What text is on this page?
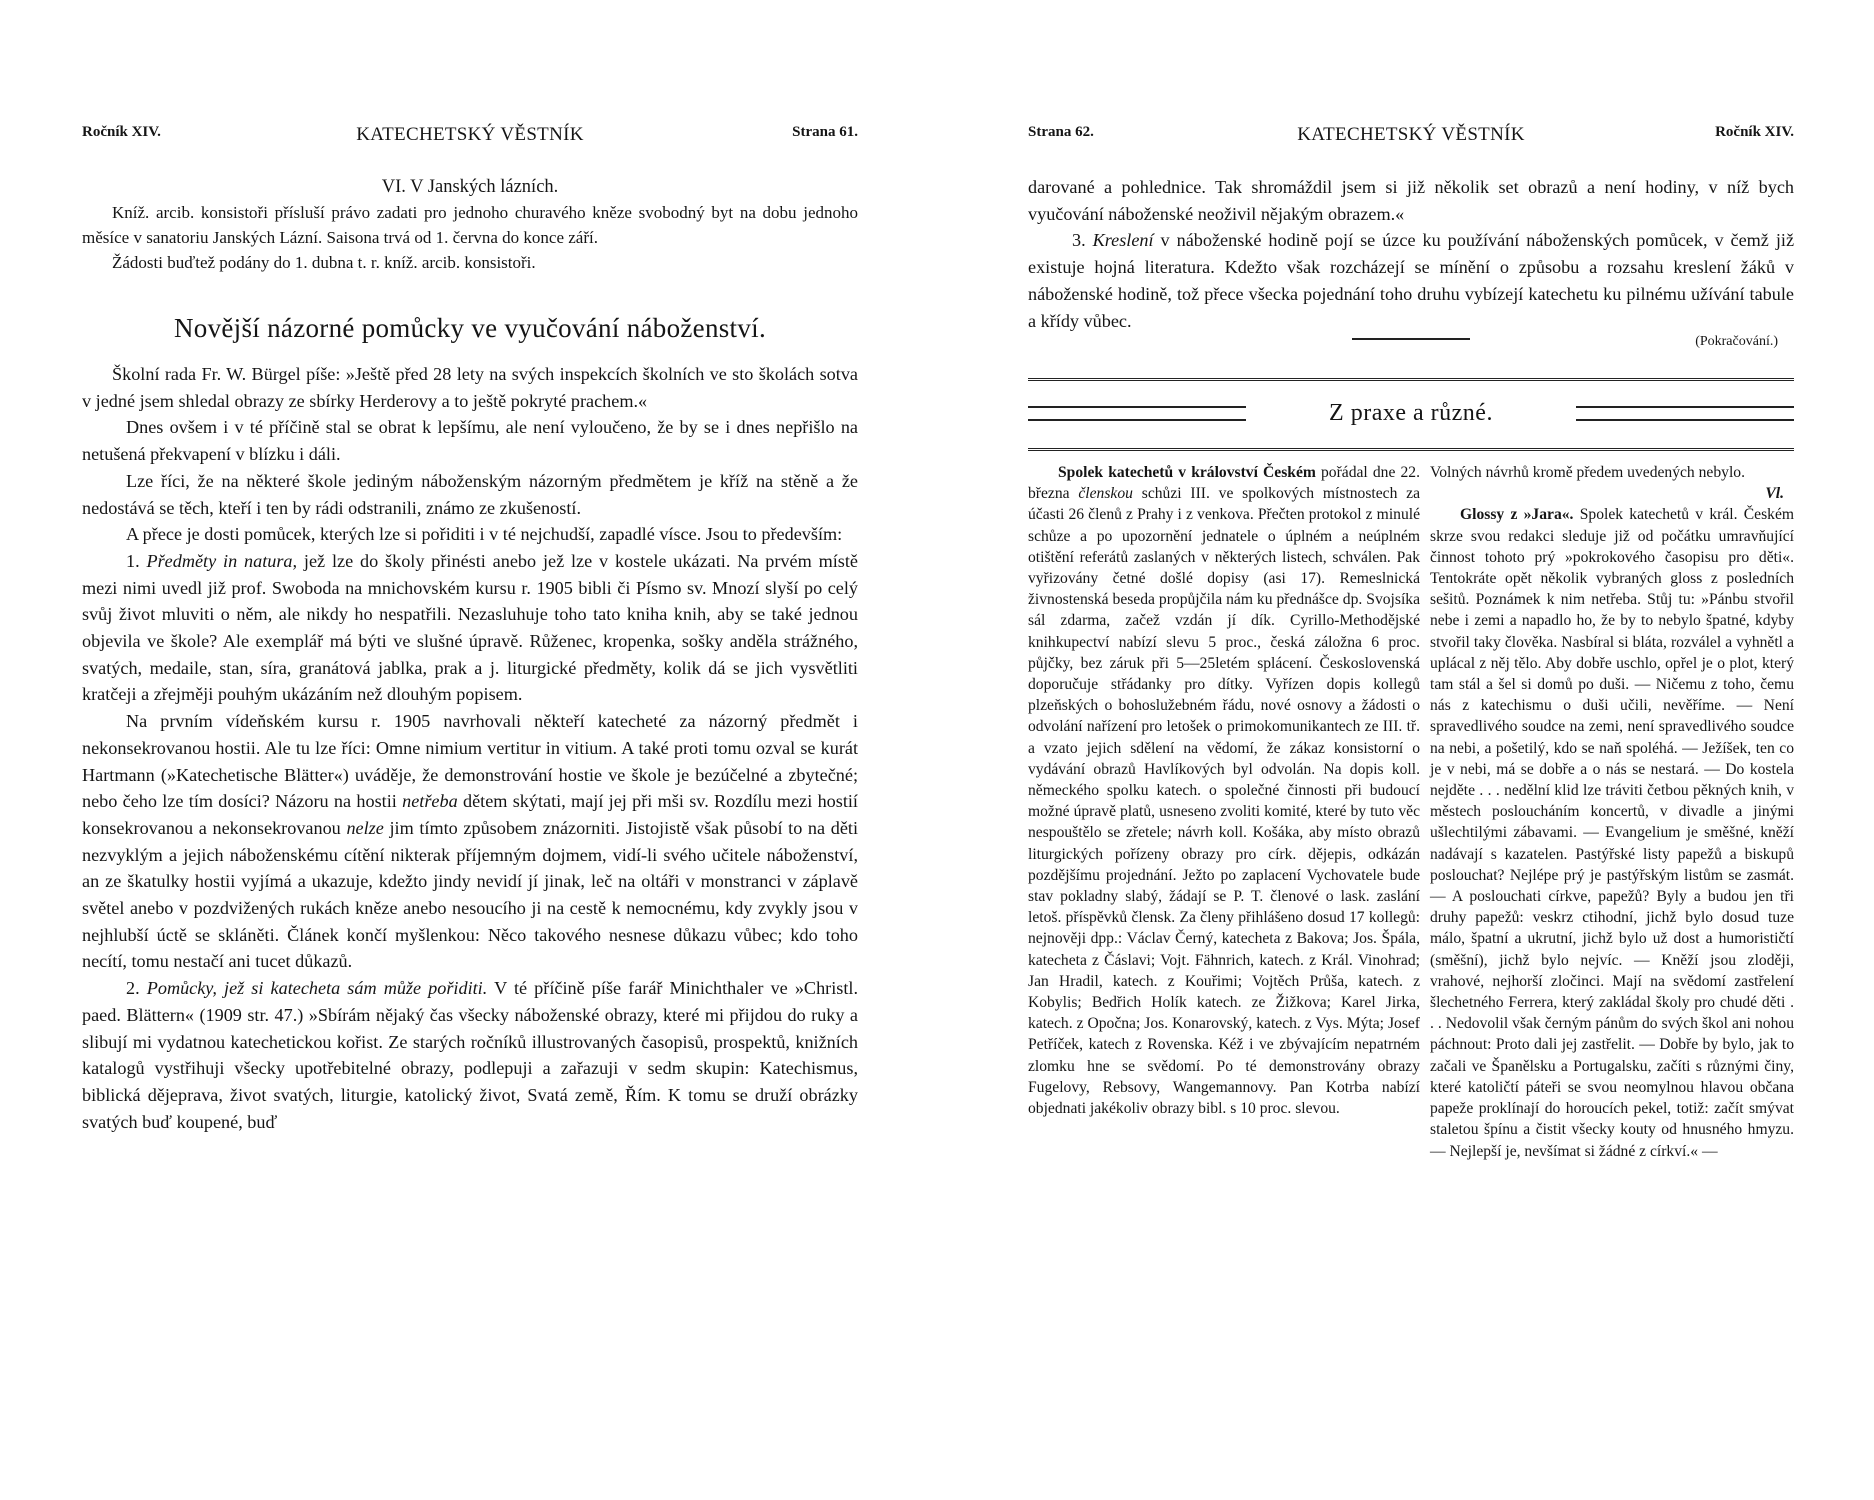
Ročník XIV.	KATECHETSKÝ VĚSTNÍK	Strana 61.
VI. V Janských lázních.

Kníž. arcib. konsistoři přísluší právo zadati pro jednoho churavého kněze svobodný byt na dobu jednoho měsíce v sanatoriu Janských Lázní. Saisona trvá od 1. června do konce září.

Žádosti buďtež podány do 1. dubna t. r. kníž. arcib. konsistoři.

Novější názorné pomůcky ve vyučování náboženství.

Školní rada Fr. W. Bürgel píše: »Ještě před 28 lety na svých inspekcích školních ve sto školách sotva v jedné jsem shledal obrazy ze sbírky Herderovy a to ještě pokryté prachem.«

Dnes ovšem i v té příčině stal se obrat k lepšímu, ale není vyloučeno, že by se i dnes nepřišlo na netušená překvapení v blízku i dáli.

Lze říci, že na některé škole jediným náboženským názorným předmětem je kříž na stěně a že nedostává se těch, kteří i ten by rádi odstranili, známo ze zkušeností.

A přece je dosti pomůcek, kterých lze si pořiditi i v té nejchudší, zapadlé vísce. Jsou to především:

1. Předměty in natura, jež lze do školy přinésti anebo jež lze v kostele ukázati. Na prvém místě mezi nimi uvedl již prof. Swoboda na mnichovském kursu r. 1905 bibli či Písmo sv. Mnozí slyší po celý svůj život mluviti o něm, ale nikdy ho nespatřili. Nezasluhuje toho tato kniha knih, aby se také jednou objevila ve škole? Ale exemplář má býti ve slušné úpravě. Růženec, kropenka, sošky anděla strážného, svatých, medaile, stan, síra, granátová jablka, prak a j. liturgické předměty, kolik dá se jich vysvětliti kratčeji a zřejměji pouhým ukázáním než dlouhým popisem.

Na prvním vídeňském kursu r. 1905 navrhovali někteří katecheté za názorný předmět i nekonsekrovanou hostii. Ale tu lze říci: Omne nimium vertitur in vitium. A také proti tomu ozval se kurát Hartmann (»Katechetische Blätter«) uváděje, že demonstrování hostie ve škole je bezúčelné a zbytečné; nebo čeho lze tím dosíci? Názoru na hostii netřeba dětem skýtati, mají jej při mši sv. Rozdílu mezi hostií konsekrovanou a nekonsekrovanou nelze jim tímto způsobem znázorniti. Jistojistě však působí to na děti nezvyklým a jejich náboženskému cítění nikterak příjemným dojmem, vidí-li svého učitele náboženství, an ze škatulky hostii vyjímá a ukazuje, kdežto jindy nevidí jí jinak, leč na oltáři v monstranci v záplavě světel anebo v pozdvižených rukách kněze anebo nesoucího ji na cestě k nemocnému, kdy zvykly jsou v nejhlubší úctě se skláněti. Článek končí myšlenkou: Něco takového nesnese důkazu vůbec; kdo toho necítí, tomu nestačí ani tucet důkazů.

2. Pomůcky, jež si katecheta sám může pořiditi. V té příčině píše farář Minichthaler ve »Christl. paed. Blättern« (1909 str. 47.) »Sbírám nějaký čas všecky náboženské obrazy, které mi přijdou do ruky a slibují mi vydatnou katechetickou kořist. Ze starých ročníků illustrovaných časopisů, prospektů, knižních katalogů vystřihuji všecky upotřebitelné obrazy, podlepuji a zařazuji v sedm skupin: Katechismus, biblická dějeprava, život svatých, liturgie, katolický život, Svatá země, Řím. K tomu se druží obrázky svatých buď koupené, buď

Strana 62.	KATECHETSKÝ VĚSTNÍK	Ročník XIV.

darované a pohlednice. Tak shromáždil jsem si již několik set obrazů a není hodiny, v níž bych vyučování náboženské neoživil nějakým obrazem.«

3. Kreslení v náboženské hodině pojí se úzce ku používání náboženských pomůcek, v čemž již existuje hojná literatura. Kdežto však rozcházejí se mínění o způsobu a rozsahu kreslení žáků v náboženské hodině, tož přece všecka pojednání toho druhu vybízejí katechetu ku pilnému užívání tabule a křídy vůbec.

(Pokračování.)
Z praxe a různé.

Spolek katechetů v království Českém pořádal dne 22. března členskou schůzi III. ve spolkových místnostech za účasti 26 členů z Prahy i z venkova. Přečten protokol z minulé schůze a po upozornění jednatele o úplném a neúplném otištění referátů zaslaných v některých listech, schválen. Pak vyřizovány četné došlé dopisy (asi 17). Remeslnická živnostenská beseda propůjčila nám ku přednášce dp. Svojsíka sál zdarma, začež vzdán jí dík. Cyrillo-Methodějské knihkupectví nabízí slevu 5 proc., česká záložna 6 proc. půjčky, bez záruk při 5—25letém splácení. Československá doporučuje střádanky pro dítky. Vyřízen dopis kollegů plzeňských o bohoslužebném řádu, nové osnovy a žádosti o odvolání nařízení pro letošek o primokomunikantech ze III. tř. a vzato jejich sdělení na vědomí, že zákaz konsistorní o vydávání obrazů Havlíkových byl odvolán. Na dopis koll. německého spolku katech. o společné činnosti při budoucí možné úpravě platů, usneseno zvoliti komité, které by tuto věc nespouštělo se zřetele; návrh koll. Košáka, aby místo obrazů liturgických pořízeny obrazy pro círk. dějepis, odkázán pozdějšímu projednání. Ježto po zaplacení Vychovatele bude stav pokladny slabý, žádají se P. T. členové o lask. zaslání letoš. příspěvků člensk. Za členy přihlášeno dosud 17 kollegů: nejnověji dpp.: Václav Černý, katecheta z Bakova; Jos. Špála, katecheta z Čáslavi; Vojt. Fähnrich, katech. z Král. Vinohrad; Jan Hradil, katech. z Kouřimi; Vojtěch Průša, katech. z Kobylis; Bedřich Holík katech. ze Žižkova; Karel Jirka, katech. z Opočna; Jos. Konarovský, katech. z Vys. Mýta; Josef Petříček, katech z Rovenska. Kéž i ve zbývajícím nepatrném zlomku hne se svědomí. Po té demonstrovány obrazy Fugelovy, Rebsovy, Wangemannovy. Pan Kotrba nabízí objednati jakékoliv obrazy bibl. s 10 proc. slevou.

Volných návrhů kromě předem uvedených nebylo.

Vl.

Glossy z »Jara«. Spolek katechetů v král. Českém skrze svou redakci sleduje již od počátku umravňující činnost tohoto prý »pokrokového časopisu pro děti«. Tentokráte opět několik vybraných gloss z posledních sešitů. Poznámek k nim netřeba. Stůj tu: »Pánbu stvořil nebe i zemi a napadlo ho, že by to nebylo špatné, kdyby stvořil taky člověka. Nasbíral si bláta, rozválel a vyhnětl a uplácal z něj tělo. Aby dobře uschlo, opřel je o plot, který tam stál a šel si domů po duši. — Ničemu z toho, čemu nás z katechismu o duši učili, nevěříme. — Není spravedlivého soudce na zemi, není spravedlivého soudce na nebi, a pošetilý, kdo se naň spoléhá. — Ježíšek, ten co je v nebi, má se dobře a o nás se nestará. — Do kostela nejděte . . . nedělní klid lze tráviti četbou pěkných knih, v městech posloucháním koncertů, v divadle a jinými ušlechtilými zábavami. — Evangelium je směšné, kněží nadávají s kazatelen. Pastýřské listy papežů a biskupů poslouchat? Nejlépe prý je pastýřským listům se zasmát. — A poslouchati církve, papežů? Byly a budou jen tři druhy papežů: veskrz ctihodní, jichž bylo dosud tuze málo, špatní a ukrutní, jichž bylo už dost a humorističtí (směšní), jichž bylo nejvíc. — Kněží jsou zloději, vrahové, nejhorší zločinci. Mají na svědomí zastřelení šlechetného Ferrera, který zakládal školy pro chudé děti . . . Nedovolil však černým pánům do svých škol ani nohou páchnout: Proto dali jej zastřelit. — Dobře by bylo, jak to začali ve Španělsku a Portugalsku, začíti s různými činy, které katoličtí páteři se svou neomylnou hlavou občana papeže proklínají do horoucích pekel, totiž: začít smývat staletou špínu a čistit všecky kouty od hnusného hmyzu. — Nejlepší je, nevšímat si žádné z církví.« —
